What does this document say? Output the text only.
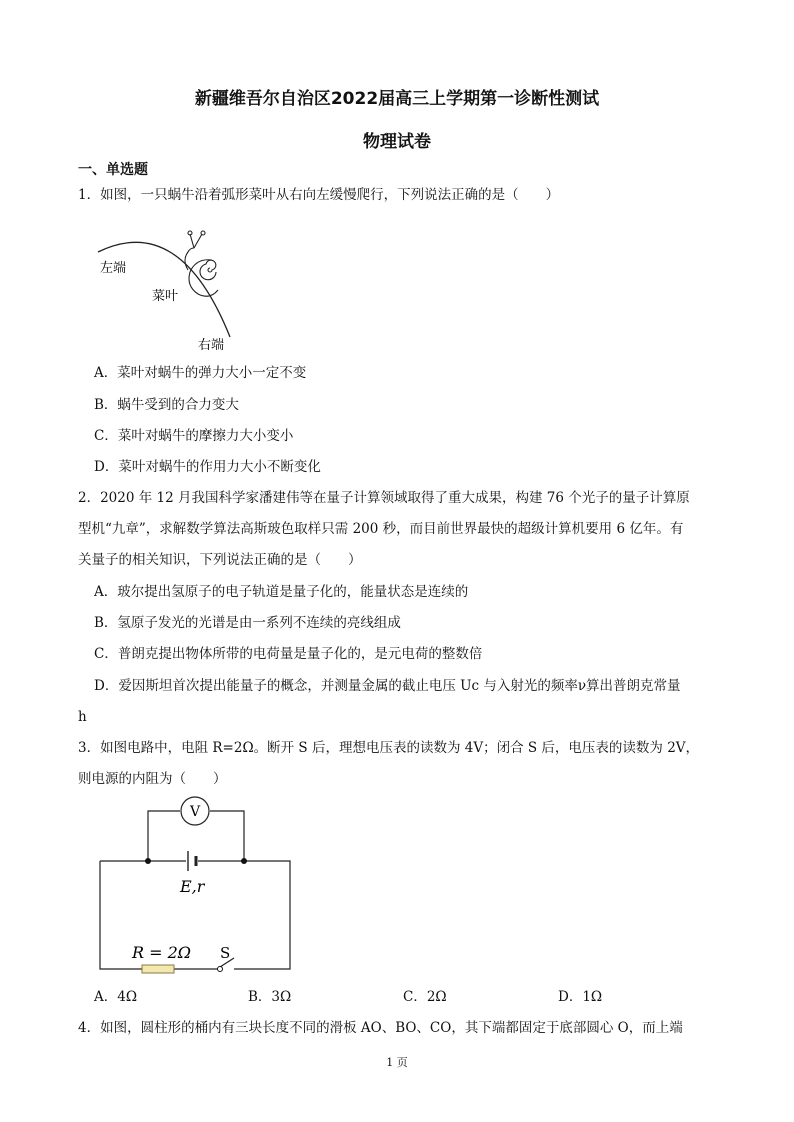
新疆维吾尔自治区2022届高三上学期第一诊断性测试
物理试卷
一、单选题
1．如图，一只蜗牛沿着弧形菜叶从右向左缓慢爬行，下列说法正确的是（　　）
左端
菜叶
右端
A．菜叶对蜗牛的弹力大小一定不变
B．蜗牛受到的合力变大
C．菜叶对蜗牛的摩擦力大小变小
D．菜叶对蜗牛的作用力大小不断变化
2．2020 年 12 月我国科学家潘建伟等在量子计算领域取得了重大成果，构建 76 个光子的量子计算原
型机“九章”，求解数学算法高斯玻色取样只需 200 秒，而目前世界最快的超级计算机要用 6 亿年。有
关量子的相关知识，下列说法正确的是（　　）
A．玻尔提出氢原子的电子轨道是量子化的，能量状态是连续的
B．氢原子发光的光谱是由一系列不连续的亮线组成
C．普朗克提出物体所带的电荷量是量子化的，是元电荷的整数倍
D．爱因斯坦首次提出能量子的概念，并测量金属的截止电压 Uc 与入射光的频率ν算出普朗克常量
h
3．如图电路中，电阻 R=2Ω。断开 S 后，理想电压表的读数为 4V；闭合 S 后，电压表的读数为 2V，
则电源的内阻为（　　）
V
E,r
R = 2Ω S
A．4Ω	B．3Ω	C．2Ω	D．1Ω
4．如图，圆柱形的桶内有三块长度不同的滑板 AO、BO、CO，其下端都固定于底部圆心 O，而上端
1 页
